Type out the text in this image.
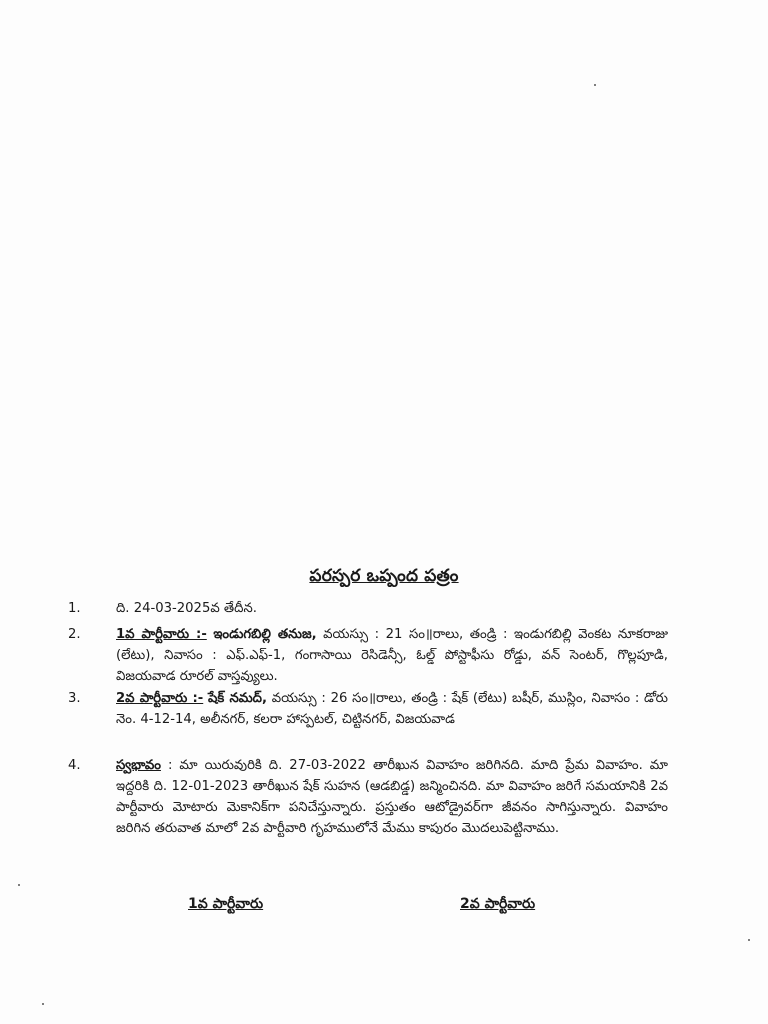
పరస్పర ఒప్పంద పత్రం
1.	ది. 24-03-2025వ తేదీన.
2.	1వ పార్టీవారు :- ఇండుగబిల్లి తనుజ, వయస్సు : 21 సం॥రాలు, తండ్రి : ఇండుగబిల్లి వెంకట నూకరాజు (లేటు), నివాసం : ఎఫ్.ఎఫ్-1, గంగాసాయి రెసిడెన్సీ, ఓల్డ్ పోస్టాఫీసు రోడ్డు, వన్ సెంటర్, గొల్లపూడి, విజయవాడ రూరల్ వాస్తవ్యులు.
3.	2వ పార్టీవారు :- షేక్ నమద్, వయస్సు : 26 సం॥రాలు, తండ్రి : షేక్ (లేటు) బషీర్, ముస్లిం, నివాసం : డోరు నెం. 4-12-14, అలీనగర్, కలరా హాస్పటల్, చిట్టినగర్, విజయవాడ
4.	స్వభావం : మా యిరువురికి ది. 27-03-2022 తారీఖున వివాహం జరిగినది. మాది ప్రేమ వివాహం. మా ఇద్దరికి ది. 12-01-2023 తారీఖున షేక్ సుహన (ఆడబిడ్డ) జన్మించినది. మా వివాహం జరిగే సమయానికి 2వ పార్టీవారు మోటారు మెకానిక్‌గా పనిచేస్తున్నారు. ప్రస్తుతం ఆటోడ్రైవర్‌గా జీవనం సాగిస్తున్నారు. వివాహం జరిగిన తరువాత మాలో 2వ పార్టీవారి గృహములోనే మేము కాపురం మొదలుపెట్టినాము.
1వ పార్టీవారు	2వ పార్టీవారు
